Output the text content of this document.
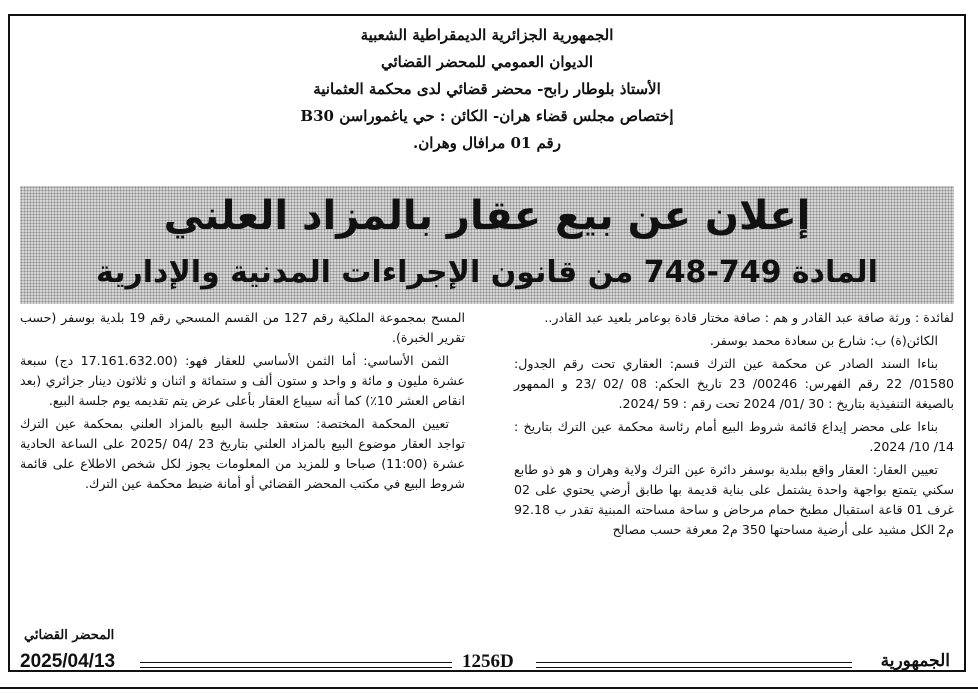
الجمهورية الجزائرية الديمقراطية الشعبية
الديوان العمومي للمحضر القضائي
الأستاذ بلوطار رابح- محضر قضائي لدى محكمة العثمانية
إختصاص مجلس قضاء هران- الكائن : حي ياغموراسن B30
رقم 01 مرافال وهران.
إعلان عن بيع عقار بالمزاد العلني
المادة 749-748 من قانون الإجراءات المدنية والإدارية

لفائدة : ورثة صافة عبد القادر و هم : صافة مختار قادة بوعامر بلعيد عبد القادر..

الكائن(ة) ب: شارع بن سعادة محمد بوسفر.

بناءا السند الصادر عن محكمة عين الترك قسم: العقاري تحت رقم الجدول: 01580/ 22 رقم الفهرس: 00246/ 23 تاريخ الحكم: 08 /02 /23 و الممهور بالصيغة التنفيذية بتاريخ : 30 /01/ 2024 تحت رقم : 59 /2024.

بناءا على محضر إيداع قائمة شروط البيع أمام رئاسة محكمة عين الترك بتاريخ : 14/ 10/ 2024.

تعيين العقار: العقار واقع ببلدية بوسفر دائرة عين الترك ولاية وهران و هو ذو طابع سكني يتمتع بواجهة واحدة يشتمل على بناية قديمة بها طابق أرضي يحتوي على 02 غرف 01 قاعة استقبال مطبخ حمام مرحاض و ساحة مساحته المبنية تقدر ب 92.18 م2 الكل مشيد على أرضية مساحتها 350 م2 معرفة حسب مصالح

المسح بمجموعة الملكية رقم 127 من القسم المسحي رقم 19 بلدية بوسفر (حسب تقرير الخبرة).

الثمن الأساسي: أما الثمن الأساسي للعقار فهو: (17.161.632.00 دج) سبعة عشرة مليون و مائة و واحد و ستون ألف و ستمائة و اثنان و ثلاثون دينار جزائري (بعد انقاص العشر 10٪) كما أنه سيباع العقار بأعلى عرض يتم تقديمه يوم جلسة البيع.

تعيين المحكمة المختصة: ستعقد جلسة البيع بالمزاد العلني بمحكمة عين الترك تواجد العقار موضوع البيع بالمزاد العلني بتاريخ 23 /04 /2025 على الساعة الحادية عشرة (11:00) صباحا و للمزيد من المعلومات يجوز لكل شخص الاطلاع على قائمة شروط البيع في مكتب المحضر القضائي أو أمانة ضبط محكمة عين الترك.

المحضر القضائي
2025/04/13	1256D	الجمهورية
